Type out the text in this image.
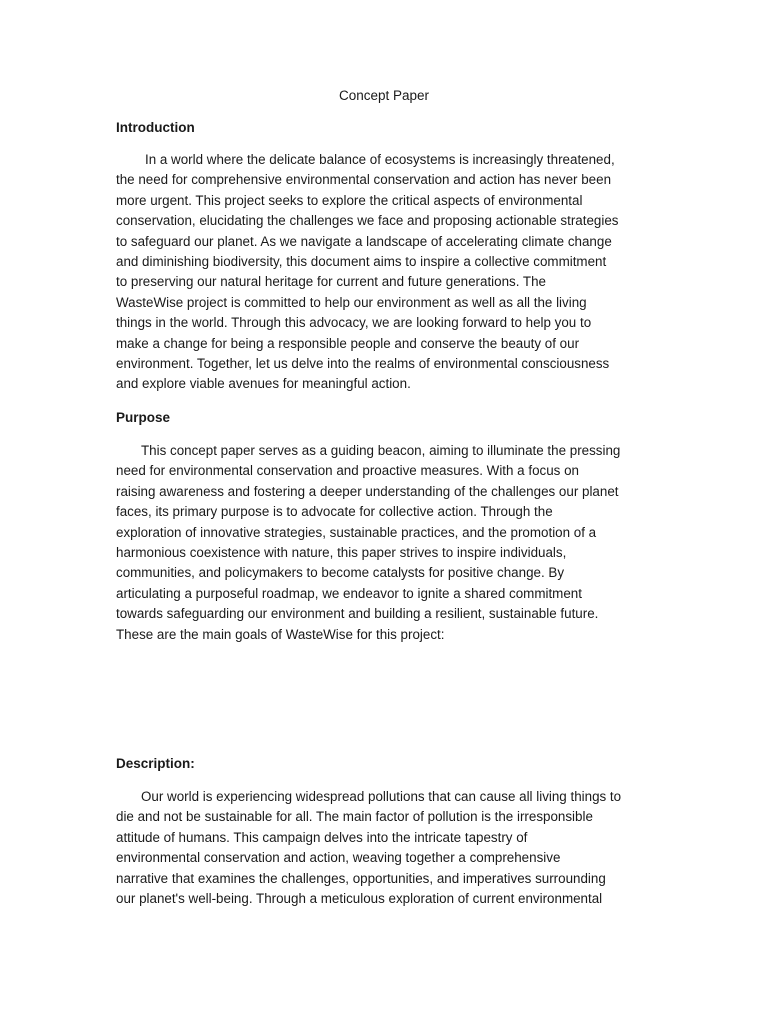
Concept Paper
Introduction

In a world where the delicate balance of ecosystems is increasingly threatened,
the need for comprehensive environmental conservation and action has never been
more urgent. This project seeks to explore the critical aspects of environmental
conservation, elucidating the challenges we face and proposing actionable strategies
to safeguard our planet. As we navigate a landscape of accelerating climate change
and diminishing biodiversity, this document aims to inspire a collective commitment
to preserving our natural heritage for current and future generations. The
WasteWise project is committed to help our environment as well as all the living
things in the world. Through this advocacy, we are looking forward to help you to
make a change for being a responsible people and conserve the beauty of our
environment. Together, let us delve into the realms of environmental consciousness
and explore viable avenues for meaningful action.

Purpose

This concept paper serves as a guiding beacon, aiming to illuminate the pressing
need for environmental conservation and proactive measures. With a focus on
raising awareness and fostering a deeper understanding of the challenges our planet
faces, its primary purpose is to advocate for collective action. Through the
exploration of innovative strategies, sustainable practices, and the promotion of a
harmonious coexistence with nature, this paper strives to inspire individuals,
communities, and policymakers to become catalysts for positive change. By
articulating a purposeful roadmap, we endeavor to ignite a shared commitment
towards safeguarding our environment and building a resilient, sustainable future.
These are the main goals of WasteWise for this project:

Description:

Our world is experiencing widespread pollutions that can cause all living things to
die and not be sustainable for all. The main factor of pollution is the irresponsible
attitude of humans. This campaign delves into the intricate tapestry of
environmental conservation and action, weaving together a comprehensive
narrative that examines the challenges, opportunities, and imperatives surrounding
our planet's well-being. Through a meticulous exploration of current environmental
